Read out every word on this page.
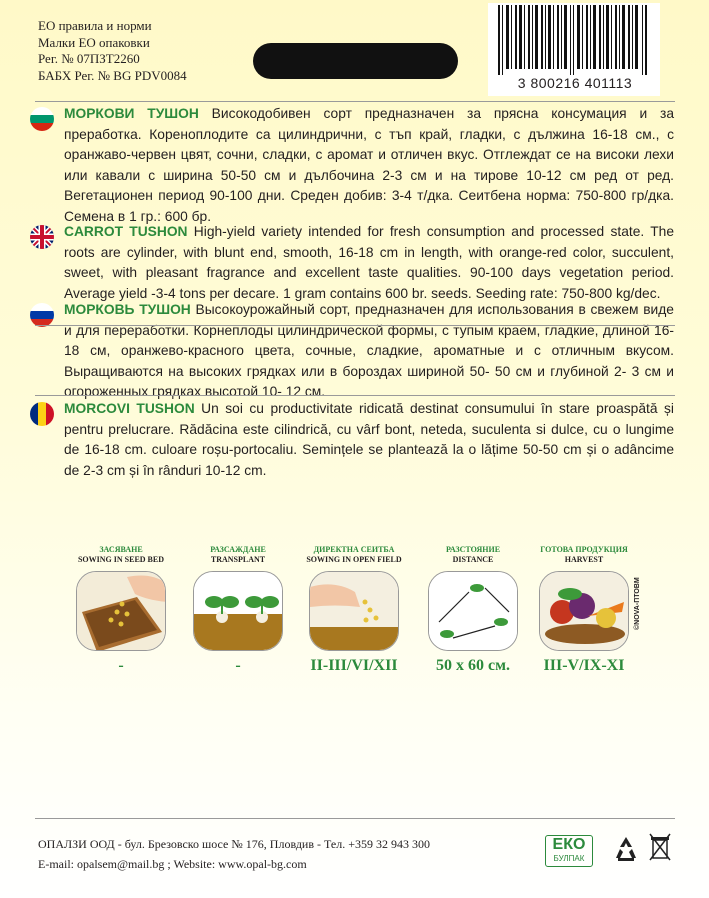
ЕО правила и норми
Малки ЕО опаковки
Рег. № 07ПЗТ2260
БАБХ Рег. № BG PDV0084	3 800216 401113
МОРКОВИ ТУШОН Високодобивен сорт предназначен за прясна консумация и за преработка. Кореноплодите са цилиндрични, с тъп край, гладки, с дължина 16-18 см., с оранжаво-червен цвят, сочни, сладки, с аромат и отличен вкус. Отглеждат се на високи лехи или кавали с ширина 50-50 см и дълбочина 2-3 см и на тирове 10-12 см ред от ред. Вегетационен период 90-100 дни. Среден добив: 3-4 т/дка. Сеитбена норма: 750-800 гр/дка. Семена в 1 гр.: 600 бр.
CARROT TUSHON High-yield variety intended for fresh consumption and processed state. The roots are cylinder, with blunt end, smooth, 16-18 cm in length, with orange-red color, succulent, sweet, with pleasant fragrance and excellent taste qualities. 90-100 days vegetation period. Average yield -3-4 tons per decare. 1 gram contains 600 br. seeds. Seeding rate: 750-800 kg/dec.
МОРКОВЬ ТУШОН Высокоурожайный сорт, предназначен для использования в свежем виде и для переработки. Корнеплоды цилиндрической формы, с тупым краем, гладкие, длиной 16- 18 см, оранжево-красного цвета, сочные, сладкие, ароматные и с отличным вкусом. Выращиваются на высоких грядках или в бороздах шириной 50- 50 см и глубиной 2- 3 см и огороженных грядках высотой 10- 12 см.
MORCOVI TUSHON Un soi cu productivitate ridicată destinat consumului în stare proaspătă și pentru prelucrare. Rădăcina este cilindrică, cu vârf bont, neteda, suculenta si dulce, cu o lungime de 16-18 cm. culoare roșu-portocaliu. Semințele se plantează la o lățime 50-50 cm și o adâncime de 2-3 cm și în rânduri 10-12 cm.
ЗАСЯВАНЕ
SOWING IN SEED BED
-
РАЗСАЖДАНЕ
TRANSPLANT
-
ДИРЕКТНА СЕИТБА
SOWING IN OPEN FIELD
II-III/VI/XII
РАЗСТОЯНИЕ
DISTANCE
50 x 60 см.
ГОТОВА ПРОДУКЦИЯ
HARVEST
III-V/IX-XI
©NOVA-ПТОВМ
ОПАЛЗИ ООД - бул. Брезовско шосе № 176, Пловдив - Тел. +359 32 943 300
E-mail: opalsem@mail.bg ; Website: www.opal-bg.com
ЕКО
БУЛПАК
